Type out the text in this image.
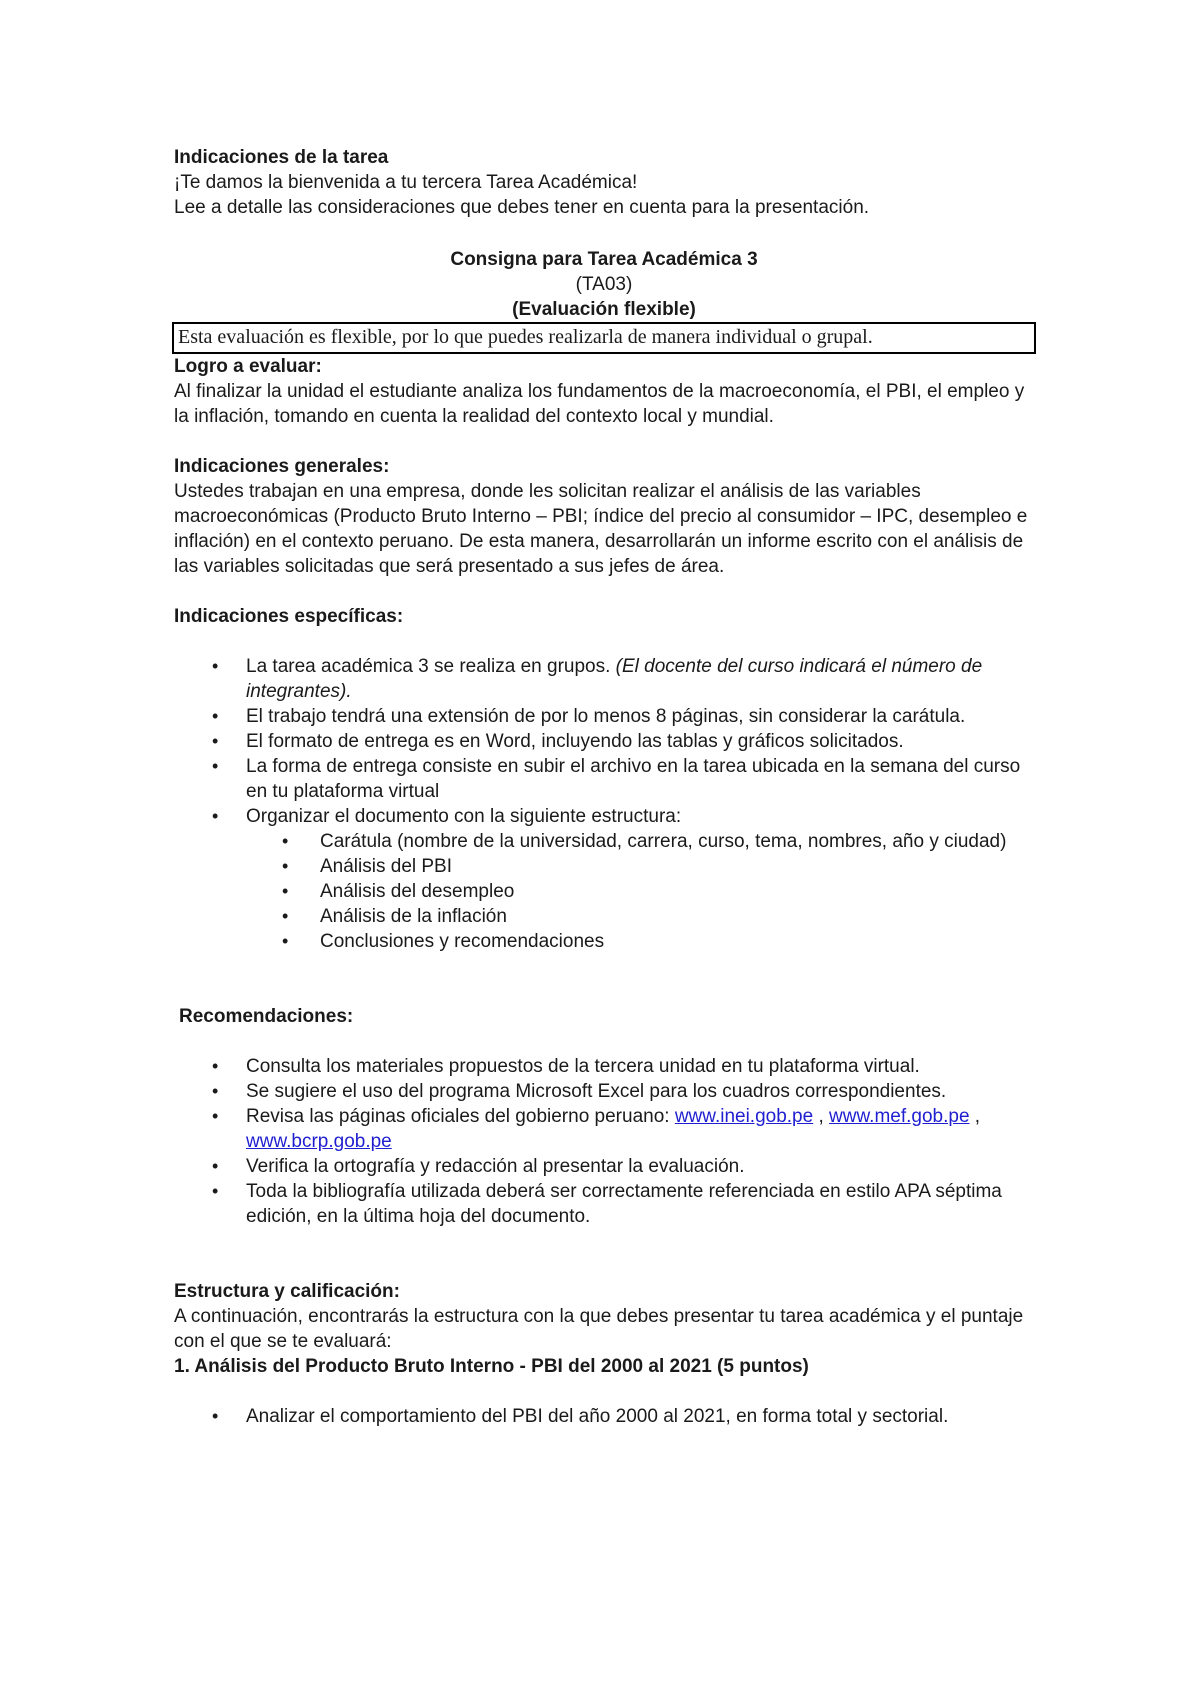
Indicaciones de la tarea

¡Te damos la bienvenida a tu tercera Tarea Académica!

Lee a detalle las consideraciones que debes tener en cuenta para la presentación.

Consigna para Tarea Académica 3

(TA03)

(Evaluación flexible)

Esta evaluación es flexible, por lo que puedes realizarla de manera individual o grupal.

Logro a evaluar:

Al finalizar la unidad el estudiante analiza los fundamentos de la macroeconomía, el PBI, el empleo y la inflación, tomando en cuenta la realidad del contexto local y mundial.

Indicaciones generales:

Ustedes trabajan en una empresa, donde les solicitan realizar el análisis de las variables macroeconómicas (Producto Bruto Interno – PBI; índice del precio al consumidor – IPC, desempleo e inflación) en el contexto peruano. De esta manera, desarrollarán un informe escrito con el análisis de las variables solicitadas que será presentado a sus jefes de área.

Indicaciones específicas:

• La tarea académica 3 se realiza en grupos. (El docente del curso indicará el número de integrantes).
• El trabajo tendrá una extensión de por lo menos 8 páginas, sin considerar la carátula.
• El formato de entrega es en Word, incluyendo las tablas y gráficos solicitados.
• La forma de entrega consiste en subir el archivo en la tarea ubicada en la semana del curso en tu plataforma virtual
• Organizar el documento con la siguiente estructura:
• Carátula (nombre de la universidad, carrera, curso, tema, nombres, año y ciudad)
• Análisis del PBI
• Análisis del desempleo
• Análisis de la inflación
• Conclusiones y recomendaciones

Recomendaciones:

• Consulta los materiales propuestos de la tercera unidad en tu plataforma virtual.
• Se sugiere el uso del programa Microsoft Excel para los cuadros correspondientes.
• Revisa las páginas oficiales del gobierno peruano: www.inei.gob.pe , www.mef.gob.pe , www.bcrp.gob.pe
• Verifica la ortografía y redacción al presentar la evaluación.
• Toda la bibliografía utilizada deberá ser correctamente referenciada en estilo APA séptima edición, en la última hoja del documento.

Estructura y calificación:

A continuación, encontrarás la estructura con la que debes presentar tu tarea académica y el puntaje con el que se te evaluará:

1. Análisis del Producto Bruto Interno - PBI del 2000 al 2021 (5 puntos)

• Analizar el comportamiento del PBI del año 2000 al 2021, en forma total y sectorial.
